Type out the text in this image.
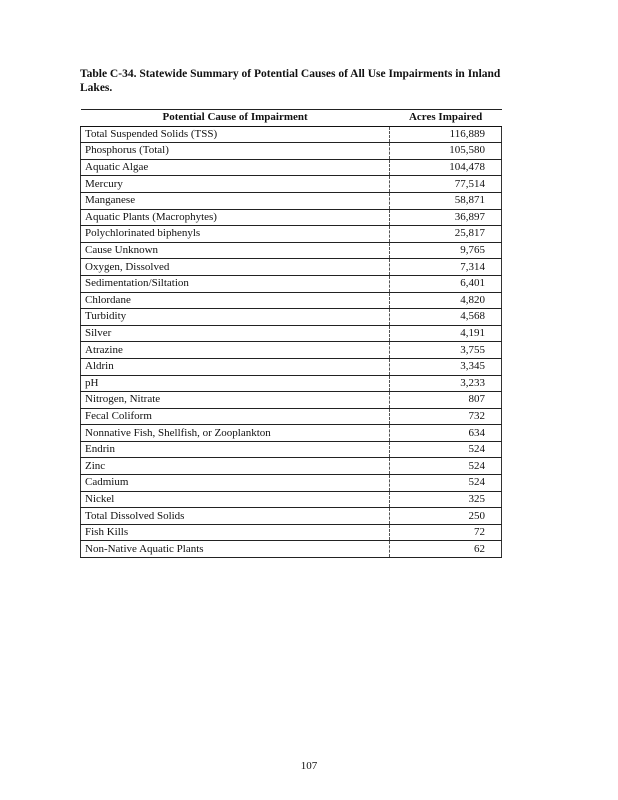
Table C-34. Statewide Summary of Potential Causes of All Use Impairments in Inland Lakes.
Potential Cause of Impairment	Acres Impaired
Total Suspended Solids (TSS)	116,889
Phosphorus (Total)	105,580
Aquatic Algae	104,478
Mercury	77,514
Manganese	58,871
Aquatic Plants (Macrophytes)	36,897
Polychlorinated biphenyls	25,817
Cause Unknown	9,765
Oxygen, Dissolved	7,314
Sedimentation/Siltation	6,401
Chlordane	4,820
Turbidity	4,568
Silver	4,191
Atrazine	3,755
Aldrin	3,345
pH	3,233
Nitrogen, Nitrate	807
Fecal Coliform	732
Nonnative Fish, Shellfish, or Zooplankton	634
Endrin	524
Zinc	524
Cadmium	524
Nickel	325
Total Dissolved Solids	250
Fish Kills	72
Non-Native Aquatic Plants	62
107
